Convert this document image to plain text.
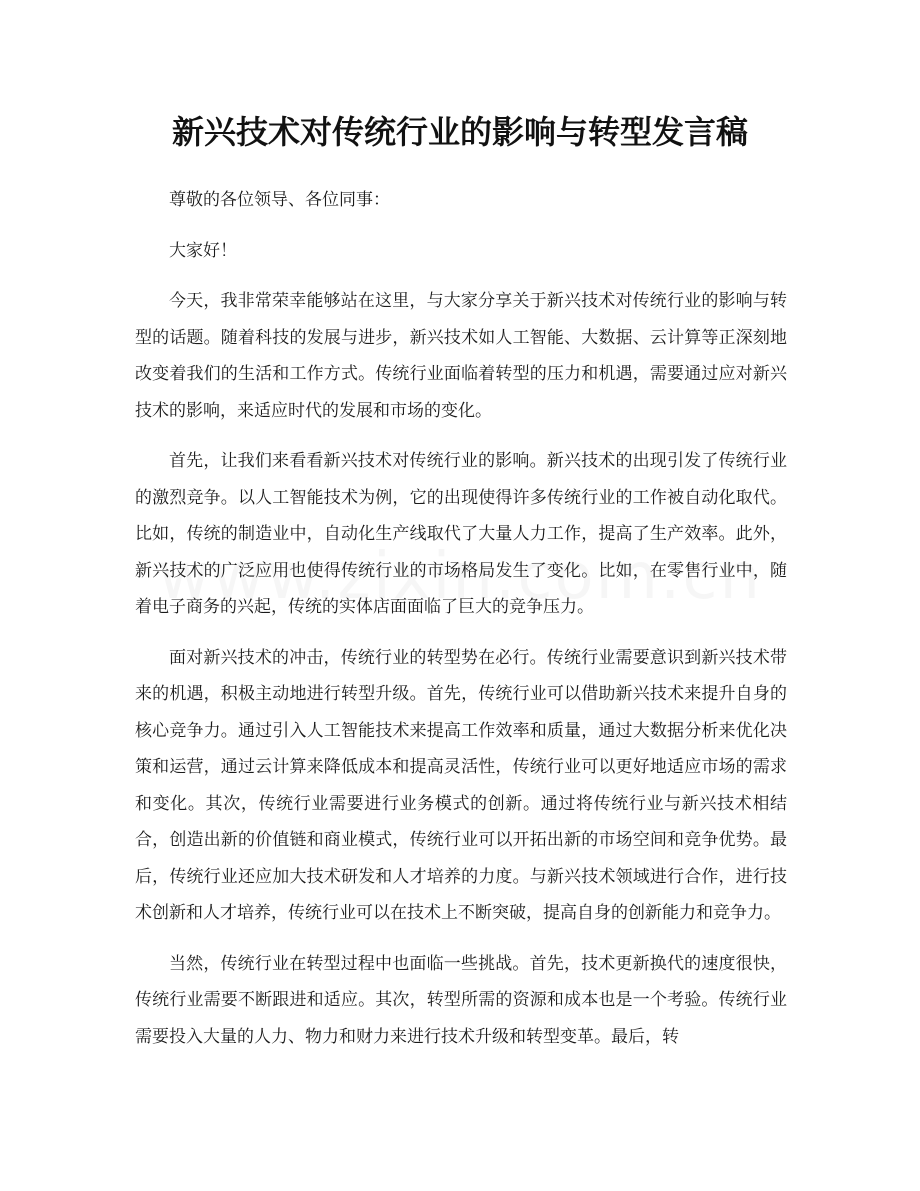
新兴技术对传统行业的影响与转型发言稿

尊敬的各位领导、各位同事：

大家好！

今天，我非常荣幸能够站在这里，与大家分享关于新兴技术对传统行业的影响与转型的话题。随着科技的发展与进步，新兴技术如人工智能、大数据、云计算等正深刻地改变着我们的生活和工作方式。传统行业面临着转型的压力和机遇，需要通过应对新兴技术的影响，来适应时代的发展和市场的变化。

首先，让我们来看看新兴技术对传统行业的影响。新兴技术的出现引发了传统行业的激烈竞争。以人工智能技术为例，它的出现使得许多传统行业的工作被自动化取代。比如，传统的制造业中，自动化生产线取代了大量人力工作，提高了生产效率。此外，新兴技术的广泛应用也使得传统行业的市场格局发生了变化。比如，在零售行业中，随着电子商务的兴起，传统的实体店面面临了巨大的竞争压力。

面对新兴技术的冲击，传统行业的转型势在必行。传统行业需要意识到新兴技术带来的机遇，积极主动地进行转型升级。首先，传统行业可以借助新兴技术来提升自身的核心竞争力。通过引入人工智能技术来提高工作效率和质量，通过大数据分析来优化决策和运营，通过云计算来降低成本和提高灵活性，传统行业可以更好地适应市场的需求和变化。其次，传统行业需要进行业务模式的创新。通过将传统行业与新兴技术相结合，创造出新的价值链和商业模式，传统行业可以开拓出新的市场空间和竞争优势。最后，传统行业还应加大技术研发和人才培养的力度。与新兴技术领域进行合作，进行技术创新和人才培养，传统行业可以在技术上不断突破，提高自身的创新能力和竞争力。

当然，传统行业在转型过程中也面临一些挑战。首先，技术更新换代的速度很快，传统行业需要不断跟进和适应。其次，转型所需的资源和成本也是一个考验。传统行业需要投入大量的人力、物力和财力来进行技术升级和转型变革。最后，转
